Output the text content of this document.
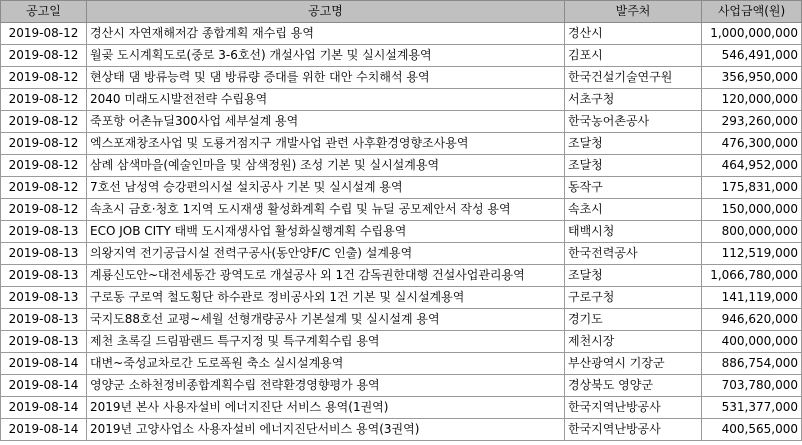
공고일	공고명	발주처	사업금액(원)
2019-08-12	경산시 자연재해저감 종합계획 재수립 용역	경산시	1,000,000,000
2019-08-12	월곶 도시계획도로(중로 3-6호선) 개설사업 기본 및 실시설계용역	김포시	546,491,000
2019-08-12	현상태 댐 방류능력 및 댐 방류량 증대를 위한 대안 수치해석 용역	한국건설기술연구원	356,950,000
2019-08-12	2040 미래도시발전전략 수립용역	서초구청	120,000,000
2019-08-12	죽포항 어촌뉴딜300사업 세부설계 용역	한국농어촌공사	293,260,000
2019-08-12	엑스포재창조사업 및 도룡거점지구 개발사업 관련 사후환경영향조사용역	조달청	476,300,000
2019-08-12	삼례 삼색마을(예술인마을 및 삼색정원) 조성 기본 및 실시설계용역	조달청	464,952,000
2019-08-12	7호선 남성역 승강편의시설 설치공사 기본 및 실시설계 용역	동작구	175,831,000
2019-08-12	속초시 금호·청호 1지역 도시재생 활성화계획 수립 및 뉴딜 공모제안서 작성 용역	속초시	150,000,000
2019-08-13	ECO JOB CITY 태백 도시재생사업 활성화실행계획 수립용역	태백시청	800,000,000
2019-08-13	의왕지역 전기공급시설 전력구공사(동안양F/C 인출) 설계용역	한국전력공사	112,519,000
2019-08-13	계룡신도안~대전세동간 광역도로 개설공사 외 1건 감독권한대행 건설사업관리용역	조달청	1,066,780,000
2019-08-13	구로동 구로역 철도횡단 하수관로 정비공사외 1건 기본 및 실시설계용역	구로구청	141,119,000
2019-08-13	국지도88호선 교평~세월 선형개량공사 기본설계 및 실시설계 용역	경기도	946,620,000
2019-08-13	제천 초록길 드림팜랜드 특구지정 및 특구계획수립 용역	제천시장	400,000,000
2019-08-14	대변~죽성교차로간 도로폭원 축소 실시설계용역	부산광역시 기장군	886,754,000
2019-08-14	영양군 소하천정비종합계획수립 전략환경영향평가 용역	경상북도 영양군	703,780,000
2019-08-14	2019년 본사 사용자설비 에너지진단 서비스 용역(1권역)	한국지역난방공사	531,377,000
2019-08-14	2019년 고양사업소 사용자설비 에너지진단서비스 용역(3권역)	한국지역난방공사	400,565,000
